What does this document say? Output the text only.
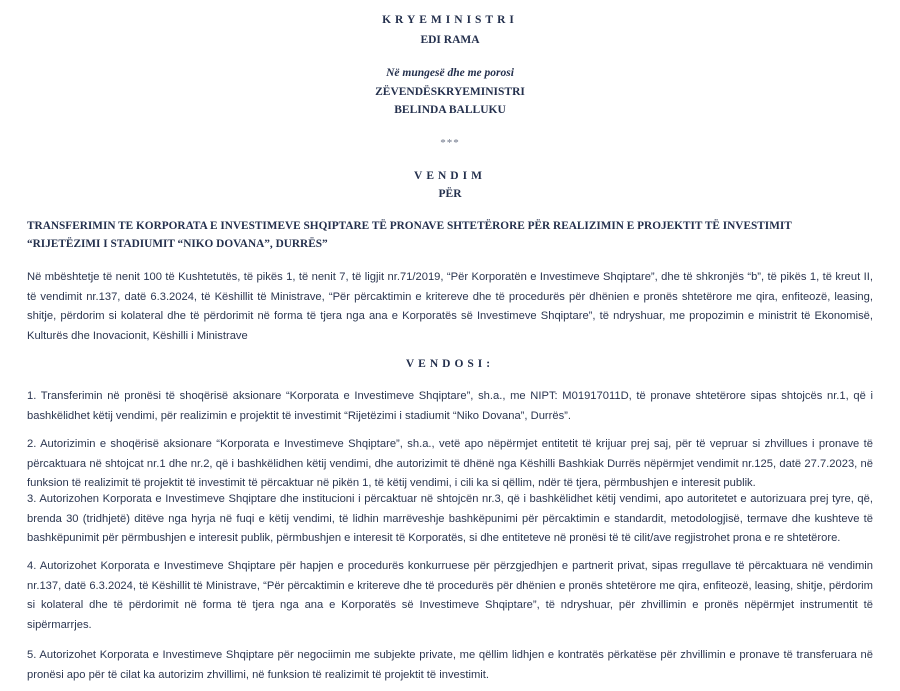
KRYEMINISTRI
EDI RAMA
Në mungesë dhe me porosi
ZËVENDËSKRYEMINISTRI
BELINDA BALLUKU
***
VENDIM
PËR
TRANSFERIMIN TE KORPORATA E INVESTIMEVE SHQIPTARE TË PRONAVE SHTETËRORE PËR REALIZIMIN E PROJEKTIT TË INVESTIMIT
“RIJETËZIMI I STADIUMIT “NIKO DOVANA”, DURRËS”
Në mbështetje të nenit 100 të Kushtetutës, të pikës 1, të nenit 7, të ligjit nr.71/2019, “Për Korporatën e Investimeve Shqiptare”, dhe të shkronjës “b”, të pikës 1, të kreut II, të vendimit nr.137, datë 6.3.2024, të Këshillit të Ministrave, “Për përcaktimin e kritereve dhe të procedurës për dhënien e pronës shtetërore me qira, enfiteozë, leasing, shitje, përdorim si kolateral dhe të përdorimit në forma të tjera nga ana e Korporatës së Investimeve Shqiptare”, të ndryshuar, me propozimin e ministrit të Ekonomisë, Kulturës dhe Inovacionit, Këshilli i Ministrave
VENDOSI:
1. Transferimin në pronësi të shoqërisë aksionare “Korporata e Investimeve Shqiptare”, sh.a., me NIPT: M01917011D, të pronave shtetërore sipas shtojcës nr.1, që i bashkëlidhet këtij vendimi, për realizimin e projektit të investimit “Rijetëzimi i stadiumit “Niko Dovana”, Durrës”.
2. Autorizimin e shoqërisë aksionare “Korporata e Investimeve Shqiptare”, sh.a., vetë apo nëpërmjet entitetit të krijuar prej saj, për të vepruar si zhvillues i pronave të përcaktuara në shtojcat nr.1 dhe nr.2, që i bashkëlidhen këtij vendimi, dhe autorizimit të dhënë nga Këshilli Bashkiak Durrës nëpërmjet vendimit nr.125, datë 27.7.2023, në funksion të realizimit të projektit të investimit të përcaktuar në pikën 1, të këtij vendimi, i cili ka si qëllim, ndër të tjera, përmbushjen e interesit publik.
3. Autorizohen Korporata e Investimeve Shqiptare dhe institucioni i përcaktuar në shtojcën nr.3, që i bashkëlidhet këtij vendimi, apo autoritetet e autorizuara prej tyre, që, brenda 30 (tridhjetë) ditëve nga hyrja në fuqi e këtij vendimi, të lidhin marrëveshje bashkëpunimi për përcaktimin e standardit, metodologjisë, termave dhe kushteve të bashkëpunimit për përmbushjen e interesit publik, përmbushjen e interesit të Korporatës, si dhe entiteteve në pronësi të të cilit/ave regjistrohet prona e re shtetërore.
4. Autorizohet Korporata e Investimeve Shqiptare për hapjen e procedurës konkurruese për përzgjedhjen e partnerit privat, sipas rregullave të përcaktuara në vendimin nr.137, datë 6.3.2024, të Këshillit të Ministrave, “Për përcaktimin e kritereve dhe të procedurës për dhënien e pronës shtetërore me qira, enfiteozë, leasing, shitje, përdorim si kolateral dhe të përdorimit në forma të tjera nga ana e Korporatës së Investimeve Shqiptare”, të ndryshuar, për zhvillimin e pronës nëpërmjet instrumentit të sipërmarrjes.
5. Autorizohet Korporata e Investimeve Shqiptare për negociimin me subjekte private, me qëllim lidhjen e kontratës përkatëse për zhvillimin e pronave të transferuara në pronësi apo për të cilat ka autorizim zhvillimi, në funksion të realizimit të projektit të investimit.
